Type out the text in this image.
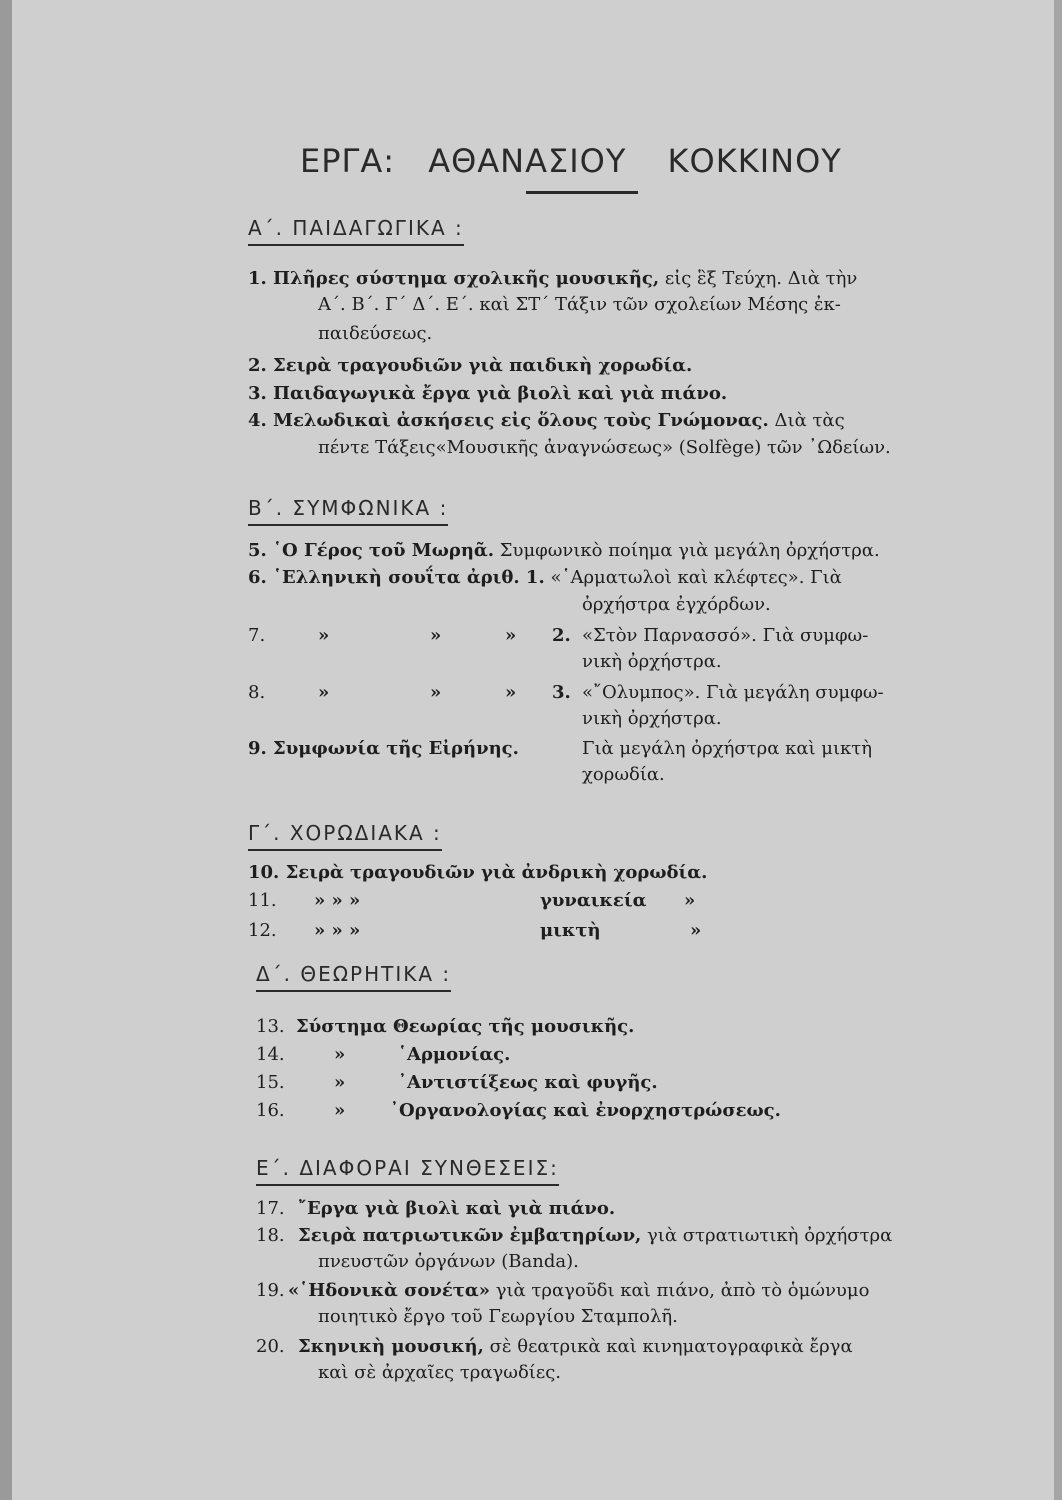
ΕΡΓΑ: ΑΘΑΝΑΣΙΟΥ ΚΟΚΚΙΝΟΥ
Α΄. ΠΑΙΔΑΓΩΓΙΚΑ :
1. Πλῆρες σύστημα σχολικῆς μουσικῆς, εἰς ἓξ Τεύχη. Διὰ τὴν
Α΄. Β΄. Γ΄ Δ΄. Ε΄. καὶ ΣΤ΄ Τάξιν τῶν σχολείων Μέσης ἐκ-
παιδεύσεως.
2. Σειρὰ τραγουδιῶν γιὰ παιδικὴ χορωδία.
3. Παιδαγωγικὰ ἔργα γιὰ βιολὶ καὶ γιὰ πιάνο.
4. Μελωδικαὶ ἀσκήσεις εἰς ὅλους τοὺς Γνώμονας. Διὰ τὰς
πέντε Τάξεις«Μουσικῆς ἀναγνώσεως» (Solfège) τῶν ᾿Ωδείων.
Β΄. ΣΥΜΦΩΝΙΚΑ :
5. ῾Ο Γέρος τοῦ Μωρηᾶ. Συμφωνικὸ ποίημα γιὰ μεγάλη ὀρχήστρα.
6. ῾Ελληνικὴ σουΐτα ἀριθ. 1. «῾Αρματωλοὶ καὶ κλέφτες». Γιὰ
ὀρχήστρα ἐγχόρδων.
7.	»	»	» 2. «Στὸν Παρνασσό». Γιὰ συμφω-
νικὴ ὀρχήστρα.
8.	»	»	» 3. «῎Ολυμπος». Γιὰ μεγάλη συμφω-
νικὴ ὀρχήστρα.
9. Συμφωνία τῆς Εἰρήνης.	Γιὰ μεγάλη ὀρχήστρα καὶ μικτὴ
χορωδία.
Γ΄. ΧΟΡΩΔΙΑΚΑ :
10. Σειρὰ τραγουδιῶν γιὰ ἀνδρικὴ χορωδία.
11. » » »	γυναικεία »
12. » » »	μικτὴ	»
Δ΄. ΘΕΩΡΗΤΙΚΑ :
13. Σύστημα Θεωρίας τῆς μουσικῆς.
14.	»	῾Αρμονίας.
15.	»	᾿Αντιστίξεως καὶ φυγῆς.
16.	» ᾿Οργανολογίας καὶ ἐνορχηστρώσεως.
Ε΄. ΔΙΑΦΟΡΑΙ ΣΥΝΘΕΣΕΙΣ:
17. ῎Εργα γιὰ βιολὶ καὶ γιὰ πιάνο.
18. Σειρὰ πατριωτικῶν ἐμβατηρίων, γιὰ στρατιωτικὴ ὀρχήστρα
πνευστῶν ὀργάνων (Banda).
19. «῾Ηδονικὰ σονέτα» γιὰ τραγοῦδι καὶ πιάνο, ἀπὸ τὸ ὁμώνυμο
ποιητικὸ ἔργο τοῦ Γεωργίου Σταμπολῆ.
20. Σκηνικὴ μουσική, σὲ θεατρικὰ καὶ κινηματογραφικὰ ἔργα
καὶ σὲ ἀρχαῖες τραγωδίες.
